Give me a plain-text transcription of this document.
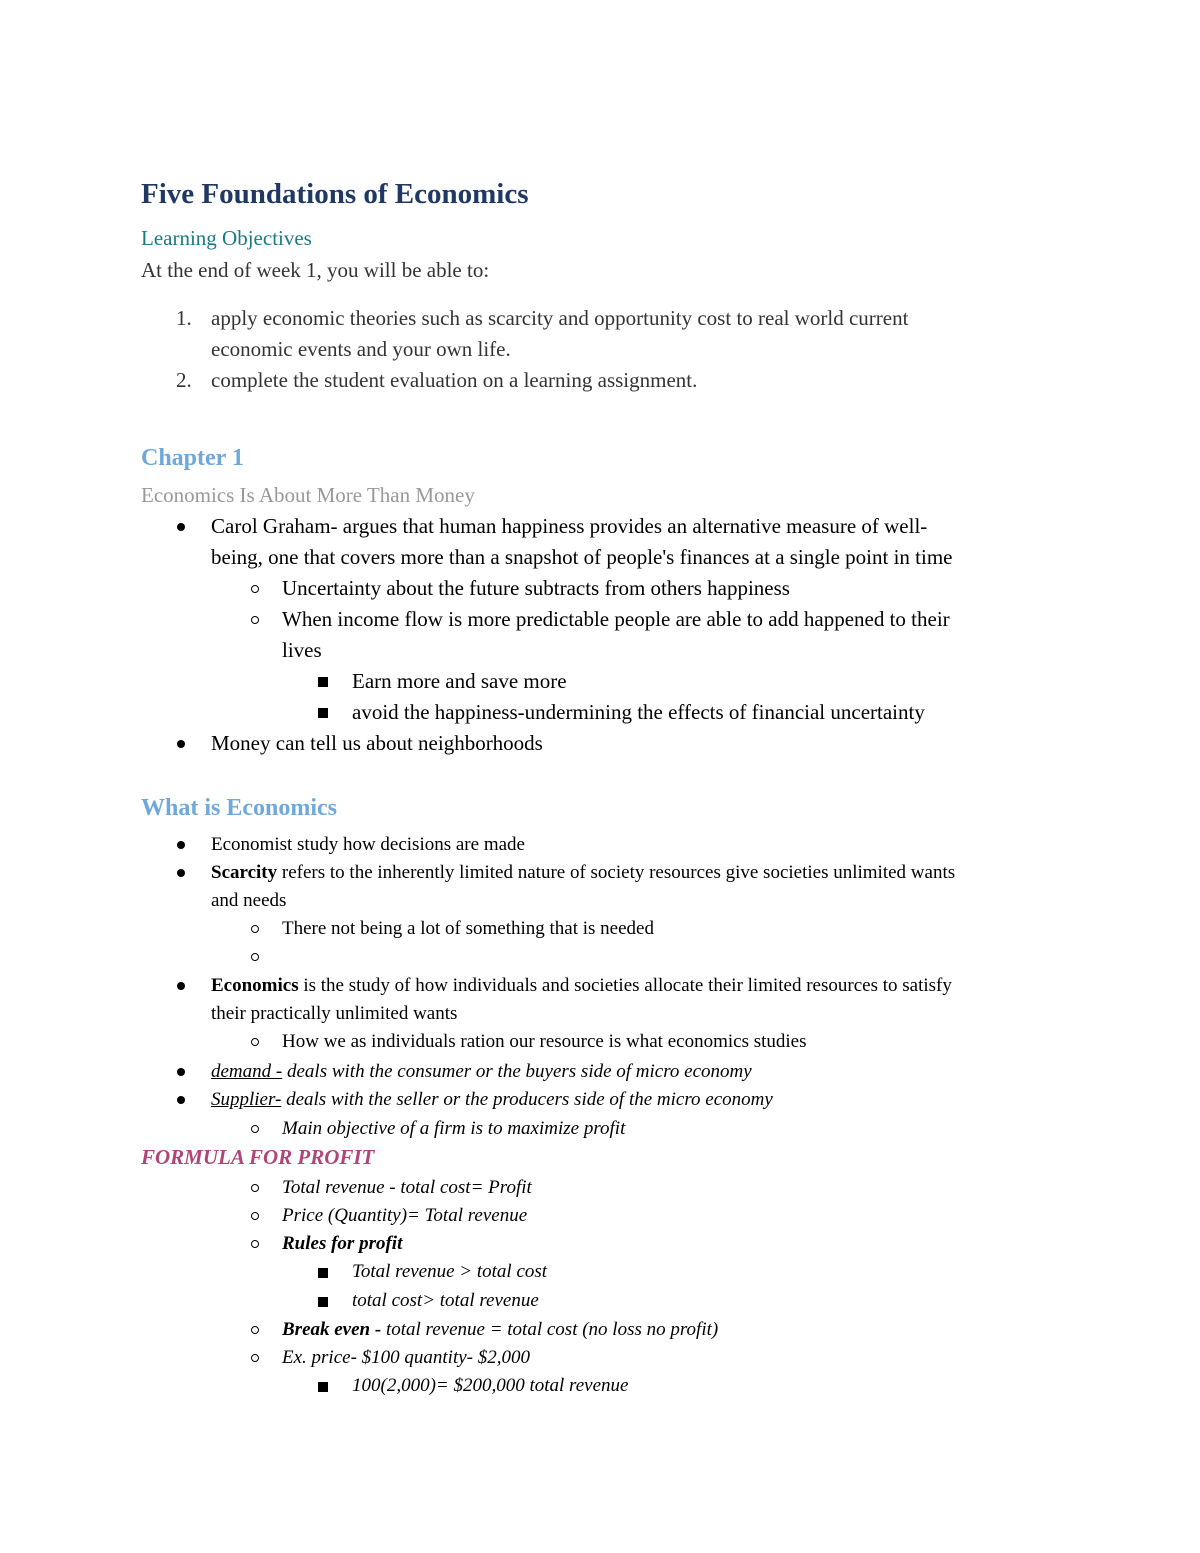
Five Foundations of Economics
Learning Objectives
At the end of week 1, you will be able to:
1. apply economic theories such as scarcity and opportunity cost to real world current
economic events and your own life.
2. complete the student evaluation on a learning assignment.
Chapter 1
Economics Is About More Than Money
Carol Graham- argues that human happiness provides an alternative measure of well-
being, one that covers more than a snapshot of people's finances at a single point in time
Uncertainty about the future subtracts from others happiness
When income flow is more predictable people are able to add happened to their
lives
Earn more and save more
avoid the happiness-undermining the effects of financial uncertainty
Money can tell us about neighborhoods
What is Economics
Economist study how decisions are made
Scarcity refers to the inherently limited nature of society resources give societies unlimited wants
and needs
There not being a lot of something that is needed
Economics is the study of how individuals and societies allocate their limited resources to satisfy
their practically unlimited wants
How we as individuals ration our resource is what economics studies
demand - deals with the consumer or the buyers side of micro economy
Supplier- deals with the seller or the producers side of the micro economy
Main objective of a firm is to maximize profit
FORMULA FOR PROFIT
Total revenue - total cost= Profit
Price (Quantity)= Total revenue
Rules for profit
Total revenue > total cost
total cost> total revenue
Break even - total revenue = total cost (no loss no profit)
Ex. price- $100 quantity- $2,000
100(2,000)= $200,000 total revenue
